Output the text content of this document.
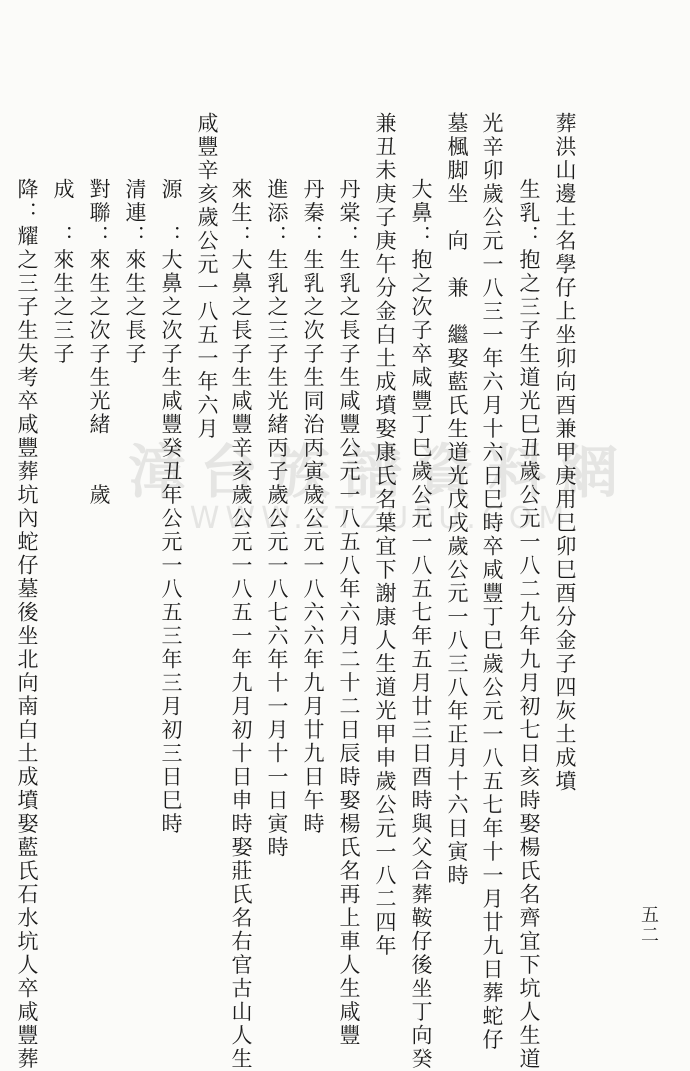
漳台族譜資料網
WWW.ZTZUPU.COM
葬洪山邊土名學仔上坐卯向酉兼甲庚用巳卯巳酉分金子四灰土成墳
生乳：抱之三子生道光巳丑歲公元一八二九年九月初七日亥時娶楊氏名齊宜下坑人生道
光辛卯歲公元一八三一年六月十六日巳時卒咸豐丁巳歲公元一八五七年十一月廿九日葬蛇仔
墓楓脚坐　向　兼　繼娶藍氏生道光戊戌歲公元一八三八年正月十六日寅時
大鼻：抱之次子卒咸豐丁巳歲公元一八五七年五月廿三日酉時與父合葬鞍仔後坐丁向癸
兼丑未庚子庚午分金白土成墳娶康氏名葉宜下謝康人生道光甲申歲公元一八二四年
丹棠：生乳之長子生咸豐公元一八五八年六月二十二日辰時娶楊氏名再上車人生咸豐
丹秦：生乳之次子生同治丙寅歲公元一八六六年九月廿九日午時
進添：生乳之三子生光緒丙子歲公元一八七六年十一月十一日寅時
來生：大鼻之長子生咸豐辛亥歲公元一八五一年九月初十日申時娶莊氏名右官古山人生
咸豐辛亥歲公元一八五一年六月
源　：大鼻之次子生咸豐癸丑年公元一八五三年三月初三日巳時
清連：來生之長子
對聯：來生之次子生光緒　　歲
成　：來生之三子
降：耀之三子生失考卒咸豐葬坑內蛇仔墓後坐北向南白土成墳娶藍氏石水坑人卒咸豐葬	五二
